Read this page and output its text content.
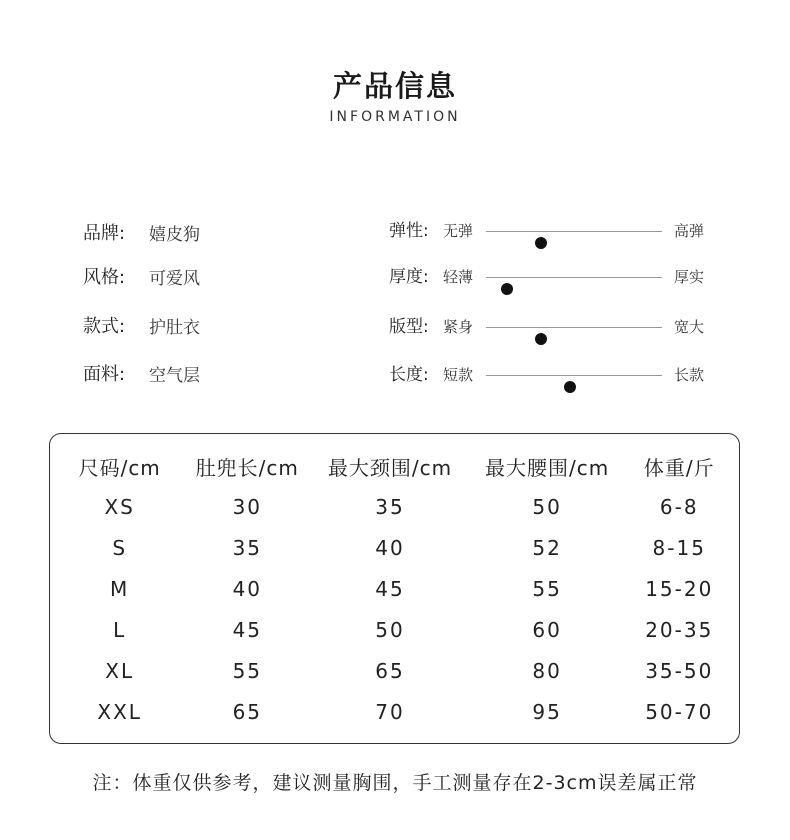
产品信息
INFORMATION
品牌:	嬉皮狗
风格:	可爱风
款式:	护肚衣
面料:	空气层
弹性: 无弹	高弹
厚度: 轻薄	厚实
版型: 紧身	宽大
长度: 短款	长款
尺码/cm	肚兜长/cm	最大颈围/cm	最大腰围/cm	体重/斤
XS	30	35	50	6-8
S	35	40	52	8-15
M	40	45	55	15-20
L	45	50	60	20-35
XL	55	65	80	35-50
XXL	65	70	95	50-70
注：体重仅供参考，建议测量胸围，手工测量存在2-3cm误差属正常
